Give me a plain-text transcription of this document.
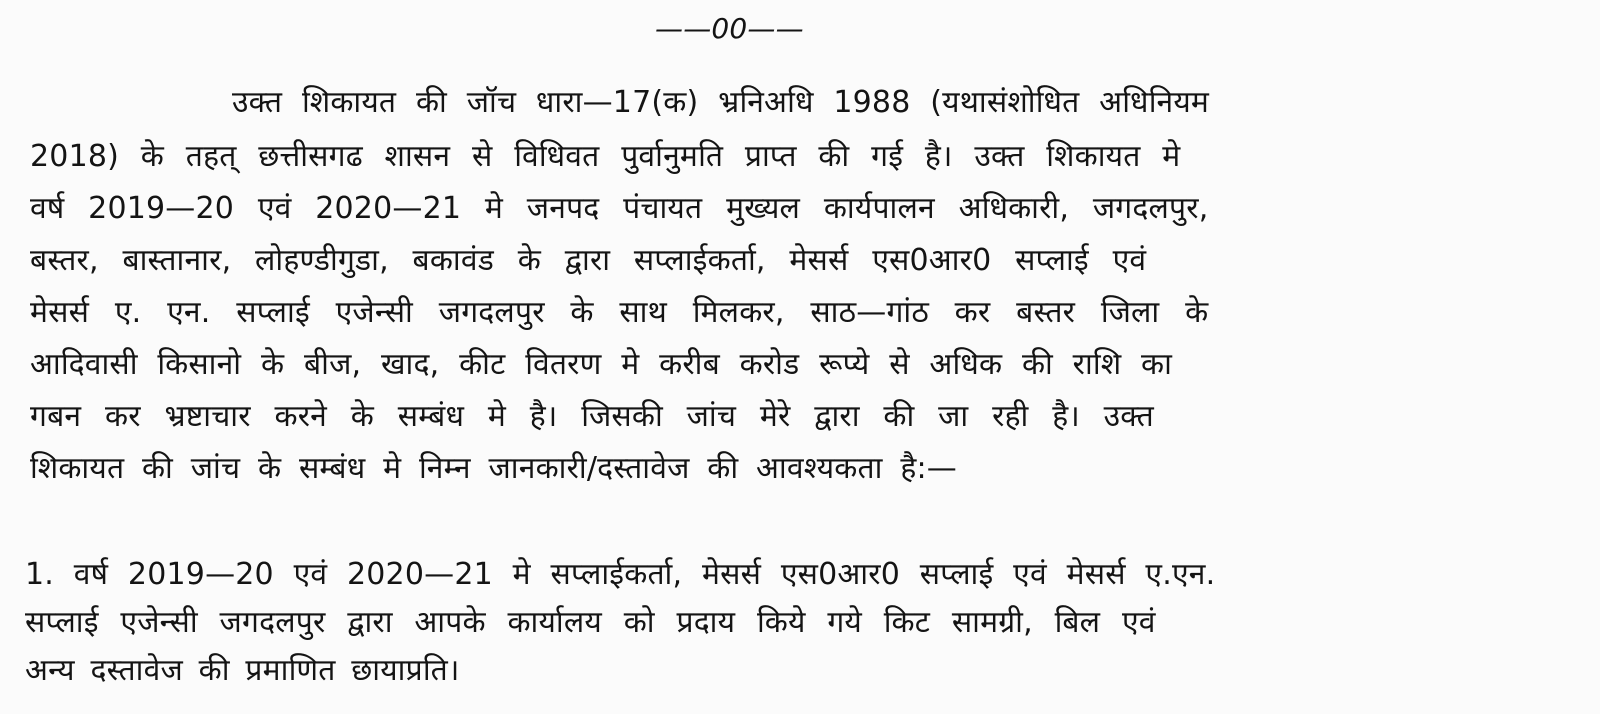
——00——
उक्त शिकायत की जॉच धारा—17(क) भ्रनिअधि 1988 (यथासंशोधित अधिनियम
2018) के तहत् छत्तीसगढ शासन से विधिवत पुर्वानुमति प्राप्त की गई है। उक्त शिकायत मे
वर्ष 2019—20 एवं 2020—21 मे जनपद पंचायत मुख्यल कार्यपालन अधिकारी, जगदलपुर,
बस्तर, बास्तानार, लोहण्डीगुडा, बकावंड के द्वारा सप्लाईकर्ता, मेसर्स एस0आर0 सप्लाई एवं
मेसर्स ए. एन. सप्लाई एजेन्सी जगदलपुर के साथ मिलकर, साठ—गांठ कर बस्तर जिला के
आदिवासी किसानो के बीज, खाद, कीट वितरण मे करीब करोड रूप्ये से अधिक की राशि का
गबन कर भ्रष्टाचार करने के सम्बंध मे है। जिसकी जांच मेरे द्वारा की जा रही है। उक्त
शिकायत की जांच के सम्बंध मे निम्न जानकारी/दस्तावेज की आवश्यकता है:—
1. वर्ष 2019—20 एवं 2020—21 मे सप्लाईकर्ता, मेसर्स एस0आर0 सप्लाई एवं मेसर्स ए.एन.
सप्लाई एजेन्सी जगदलपुर द्वारा आपके कार्यालय को प्रदाय किये गये किट सामग्री, बिल एवं
अन्य दस्तावेज की प्रमाणित छायाप्रति।
